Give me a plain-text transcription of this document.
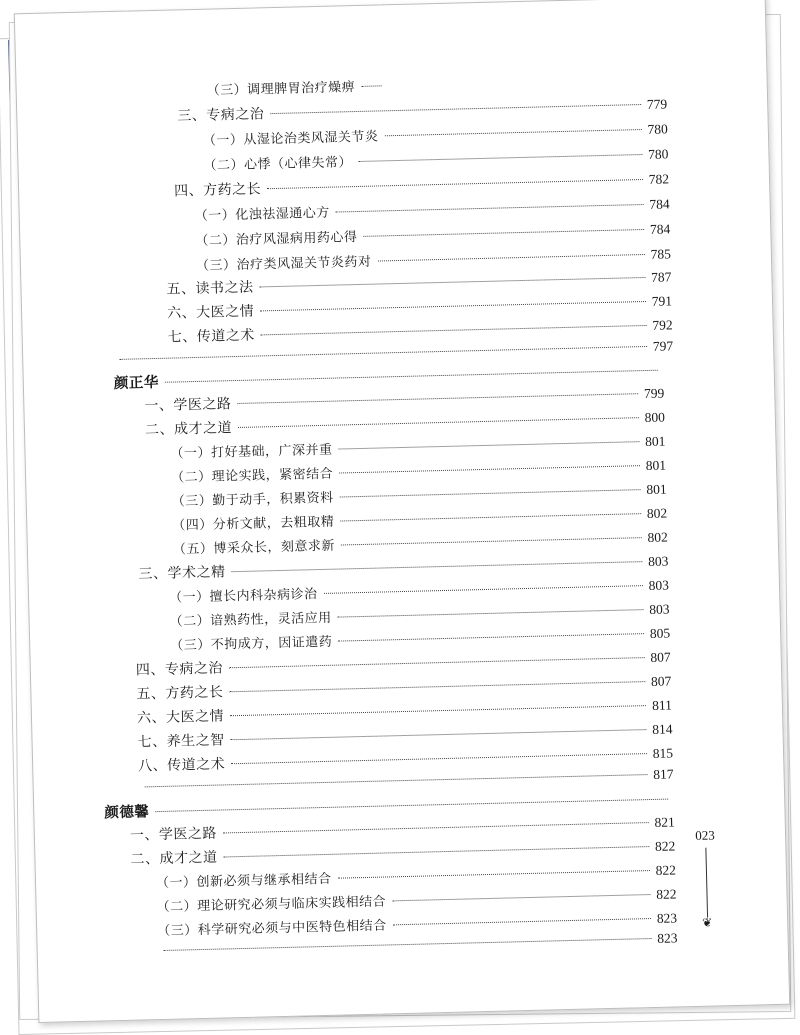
（三）调理脾胃治疗燥痹
三、专病之治
779
（一）从湿论治类风湿关节炎
780
（二）心悸（心律失常）
780
四、方药之长
782
（一）化浊祛湿通心方
784
（二）治疗风湿病用药心得
784
（三）治疗类风湿关节炎药对
785
五、读书之法
787
六、大医之情
791
七、传道之术
792
797
颜正华
一、学医之路
799
二、成才之道
800
（一）打好基础，广深并重
801
（二）理论实践，紧密结合
801
（三）勤于动手，积累资料
801
（四）分析文献，去粗取精
802
（五）博采众长，刻意求新
802
三、学术之精
803
（一）擅长内科杂病诊治
803
（二）谙熟药性，灵活应用
803
（三）不拘成方，因证遣药
805
四、专病之治
807
五、方药之长
807
六、大医之情
811
七、养生之智
814
八、传道之术
815
817
颜德馨
一、学医之路
821
二、成才之道
822
（一）创新必须与继承相结合
822
（二）理论研究必须与临床实践相结合
822
（三）科学研究必须与中医特色相结合
823
823
023
❦
